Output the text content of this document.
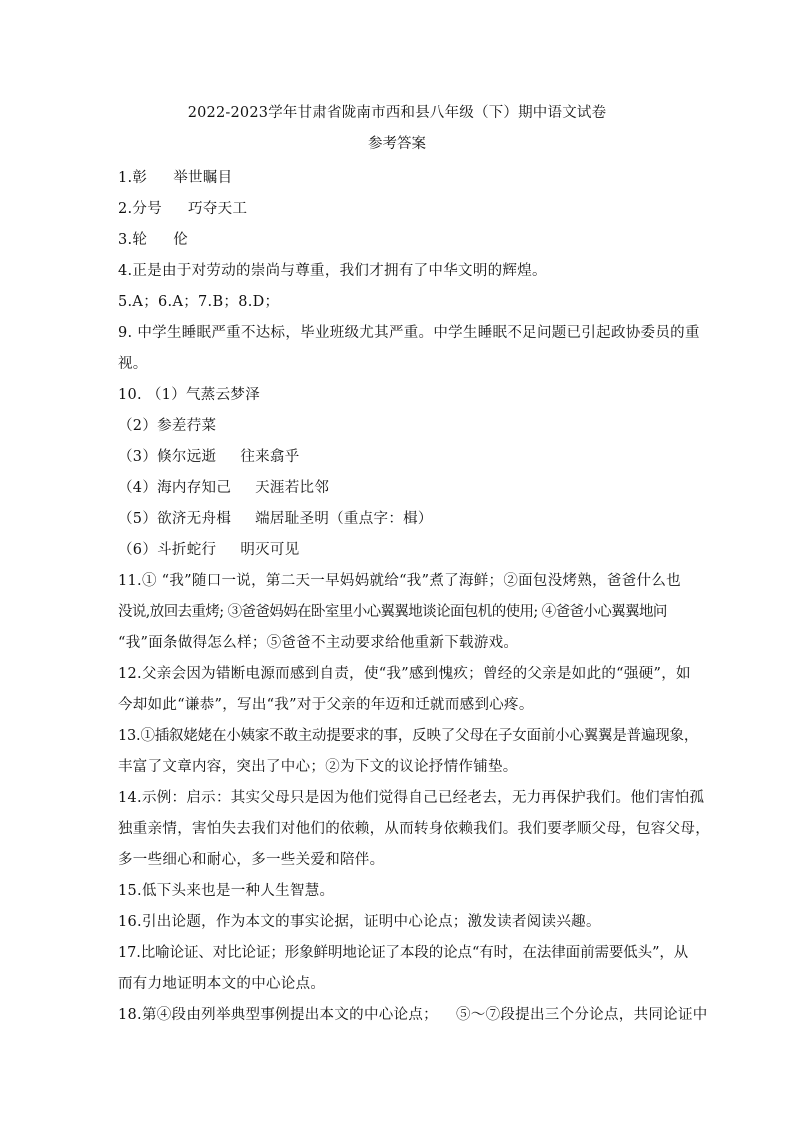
2022-2023学年甘肃省陇南市西和县八年级（下）期中语文试卷
参考答案
1.彰 举世瞩目
2.分号 巧夺天工
3.轮 伦
4.正是由于对劳动的崇尚与尊重，我们才拥有了中华文明的辉煌。
5.A；6.A；7.B；8.D；
9. 中学生睡眠严重不达标，毕业班级尤其严重。中学生睡眠不足问题已引起政协委员的重
视。
10. （1）气蒸云梦泽
（2）参差荇菜
（3）倏尔远逝 往来翕乎
（4）海内存知己 天涯若比邻
（5）欲济无舟楫 端居耻圣明（重点字：楫）
（6）斗折蛇行 明灭可见
11.① “我”随口一说，第二天一早妈妈就给“我”煮了海鲜；②面包没烤熟，爸爸什么也
没说,放回去重烤; ③爸爸妈妈在卧室里小心翼翼地谈论面包机的使用; ④爸爸小心翼翼地问
“我”面条做得怎么样；⑤爸爸不主动要求给他重新下载游戏。
12.父亲会因为错断电源而感到自责，使“我”感到愧疚；曾经的父亲是如此的“强硬”，如
今却如此“谦恭”，写出“我”对于父亲的年迈和迁就而感到心疼。
13.①插叙姥姥在小姨家不敢主动提要求的事，反映了父母在子女面前小心翼翼是普遍现象，
丰富了文章内容，突出了中心；②为下文的议论抒情作铺垫。
14.示例：启示：其实父母只是因为他们觉得自己已经老去，无力再保护我们。他们害怕孤
独重亲情，害怕失去我们对他们的依赖，从而转身依赖我们。我们要孝顺父母，包容父母，
多一些细心和耐心，多一些关爱和陪伴。
15.低下头来也是一种人生智慧。
16.引出论题，作为本文的事实论据，证明中心论点；激发读者阅读兴趣。
17.比喻论证、对比论证；形象鲜明地论证了本段的论点“有时，在法律面前需要低头”，从
而有力地证明本文的中心论点。
18.第④段由列举典型事例提出本文的中心论点； ⑤～⑦段提出三个分论点，共同论证中
